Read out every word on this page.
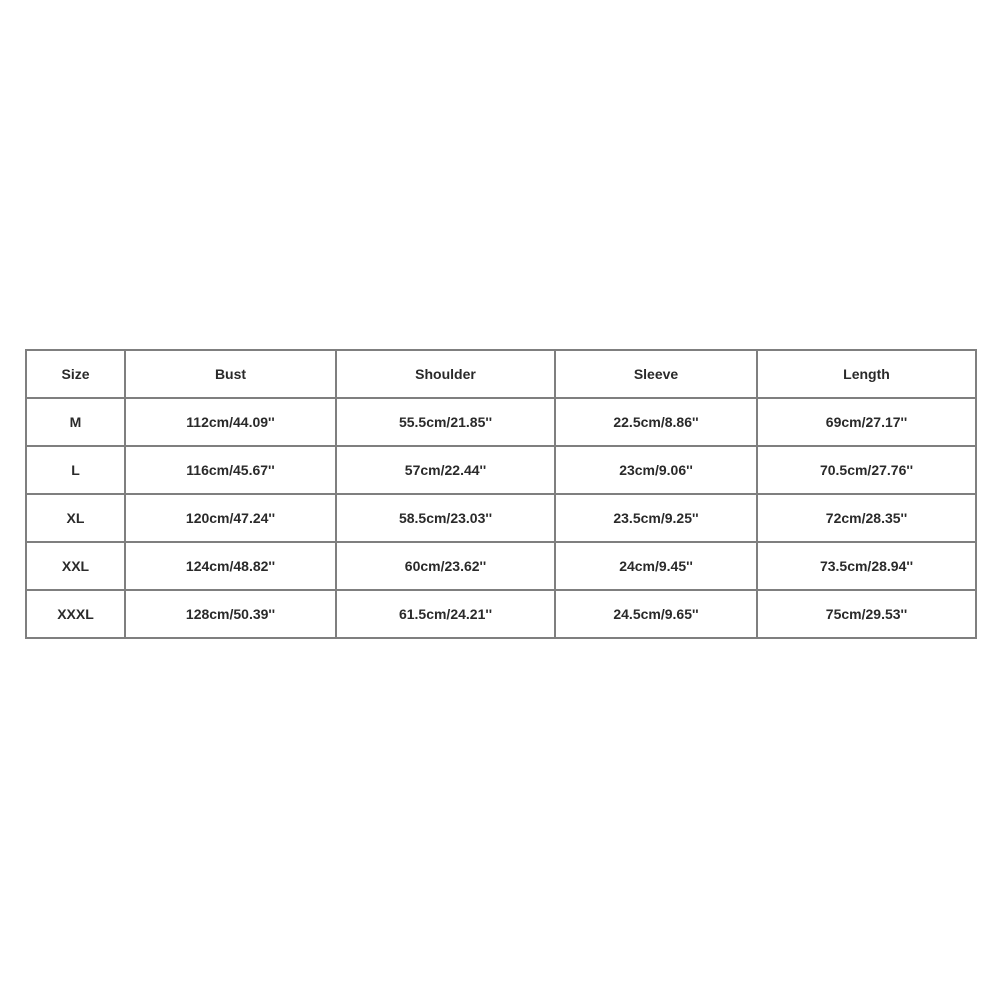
Size	Bust	Shoulder	Sleeve	Length
M	112cm/44.09''	55.5cm/21.85''	22.5cm/8.86''	69cm/27.17''
L	116cm/45.67''	57cm/22.44''	23cm/9.06''	70.5cm/27.76''
XL	120cm/47.24''	58.5cm/23.03''	23.5cm/9.25''	72cm/28.35''
XXL	124cm/48.82''	60cm/23.62''	24cm/9.45''	73.5cm/28.94''
XXXL	128cm/50.39''	61.5cm/24.21''	24.5cm/9.65''	75cm/29.53''
